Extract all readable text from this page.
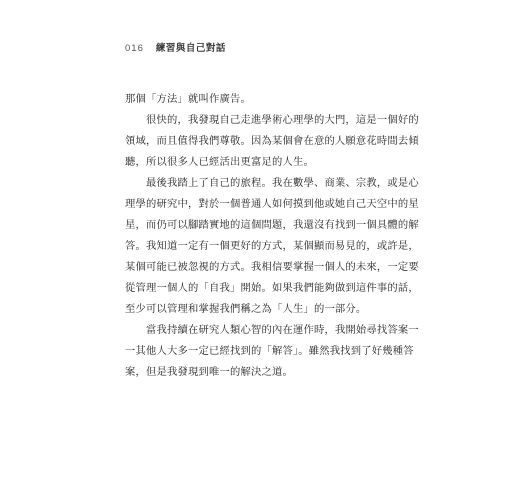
016 練習與自己對話
那個「方法」就叫作廣告。
很快的，我發現自己走進學術心理學的大門，這是一個好的
領域，而且值得我們尊敬。因為某個會在意的人願意花時間去傾
聽，所以很多人已經活出更富足的人生。
最後我踏上了自己的旅程。我在數學、商業、宗教，或是心
理學的研究中，對於一個普通人如何摸到他或她自己天空中的星
星，而仍可以腳踏實地的這個問題，我還沒有找到一個具體的解
答。我知道一定有一個更好的方式，某個顯而易見的，或許是，
某個可能已被忽視的方式。我相信要掌握一個人的未來，一定要
從管理一個人的「自我」開始。如果我們能夠做到這件事的話，
至少可以管理和掌握我們稱之為「人生」的一部分。
當我持續在研究人類心智的內在運作時，我開始尋找答案一
一其他人大多一定已經找到的「解答」。雖然我找到了好幾種答
案，但是我發現到唯一的解決之道。
